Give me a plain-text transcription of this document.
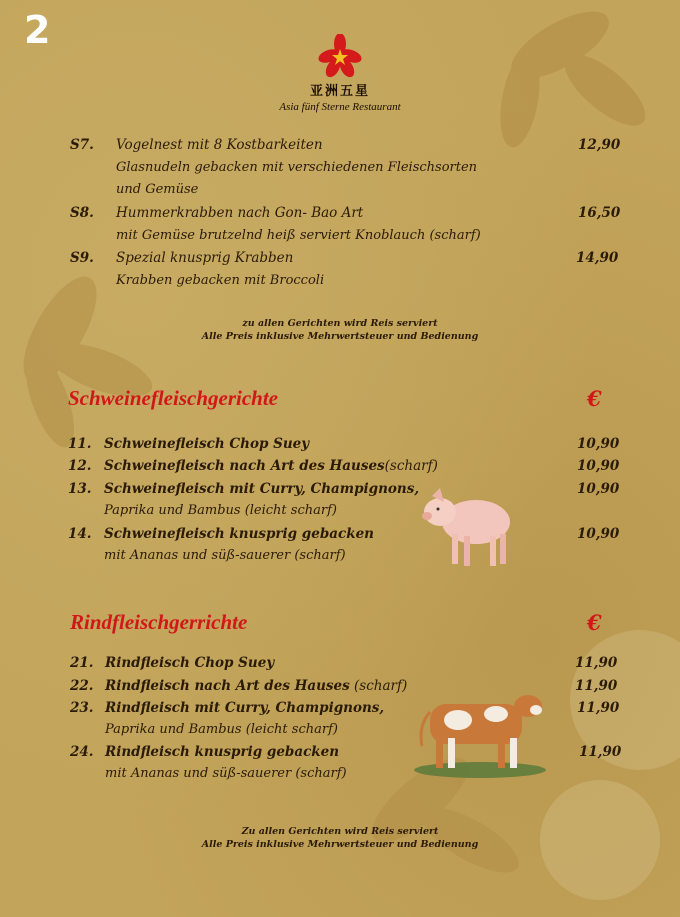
2
亚洲五星
Asia fünf Sterne Restaurant
S7. Vogelnest mit 8 Kostbarkeiten	12,90
Glasnudeln gebacken mit verschiedenen Fleischsorten
und Gemüse
S8. Hummerkrabben nach Gon- Bao Art	16,50
mit Gemüse brutzelnd heiß serviert Knoblauch (scharf)
S9. Spezial knusprig Krabben	14,90
Krabben gebacken mit Broccoli
zu allen Gerichten wird Reis serviert
Alle Preis inklusive Mehrwertsteuer und Bedienung
Schweinefleischgerichte	€
11. Schweinefleisch Chop Suey	10,90
12. Schweinefleisch nach Art des Hauses(scharf)	10,90
13. Schweinefleisch mit Curry, Champignons,	10,90
Paprika und Bambus (leicht scharf)
14. Schweinefleisch knusprig gebacken	10,90
mit Ananas und süß-sauerer (scharf)
Rindfleischgerrichte	€
21. Rindfleisch Chop Suey	11,90
22. Rindfleisch nach Art des Hauses (scharf)	11,90
23. Rindfleisch mit Curry, Champignons,	11,90
Paprika und Bambus (leicht scharf)
24. Rindfleisch knusprig gebacken	11,90
mit Ananas und süß-sauerer (scharf)
Zu allen Gerichten wird Reis serviert
Alle Preis inklusive Mehrwertsteuer und Bedienung
